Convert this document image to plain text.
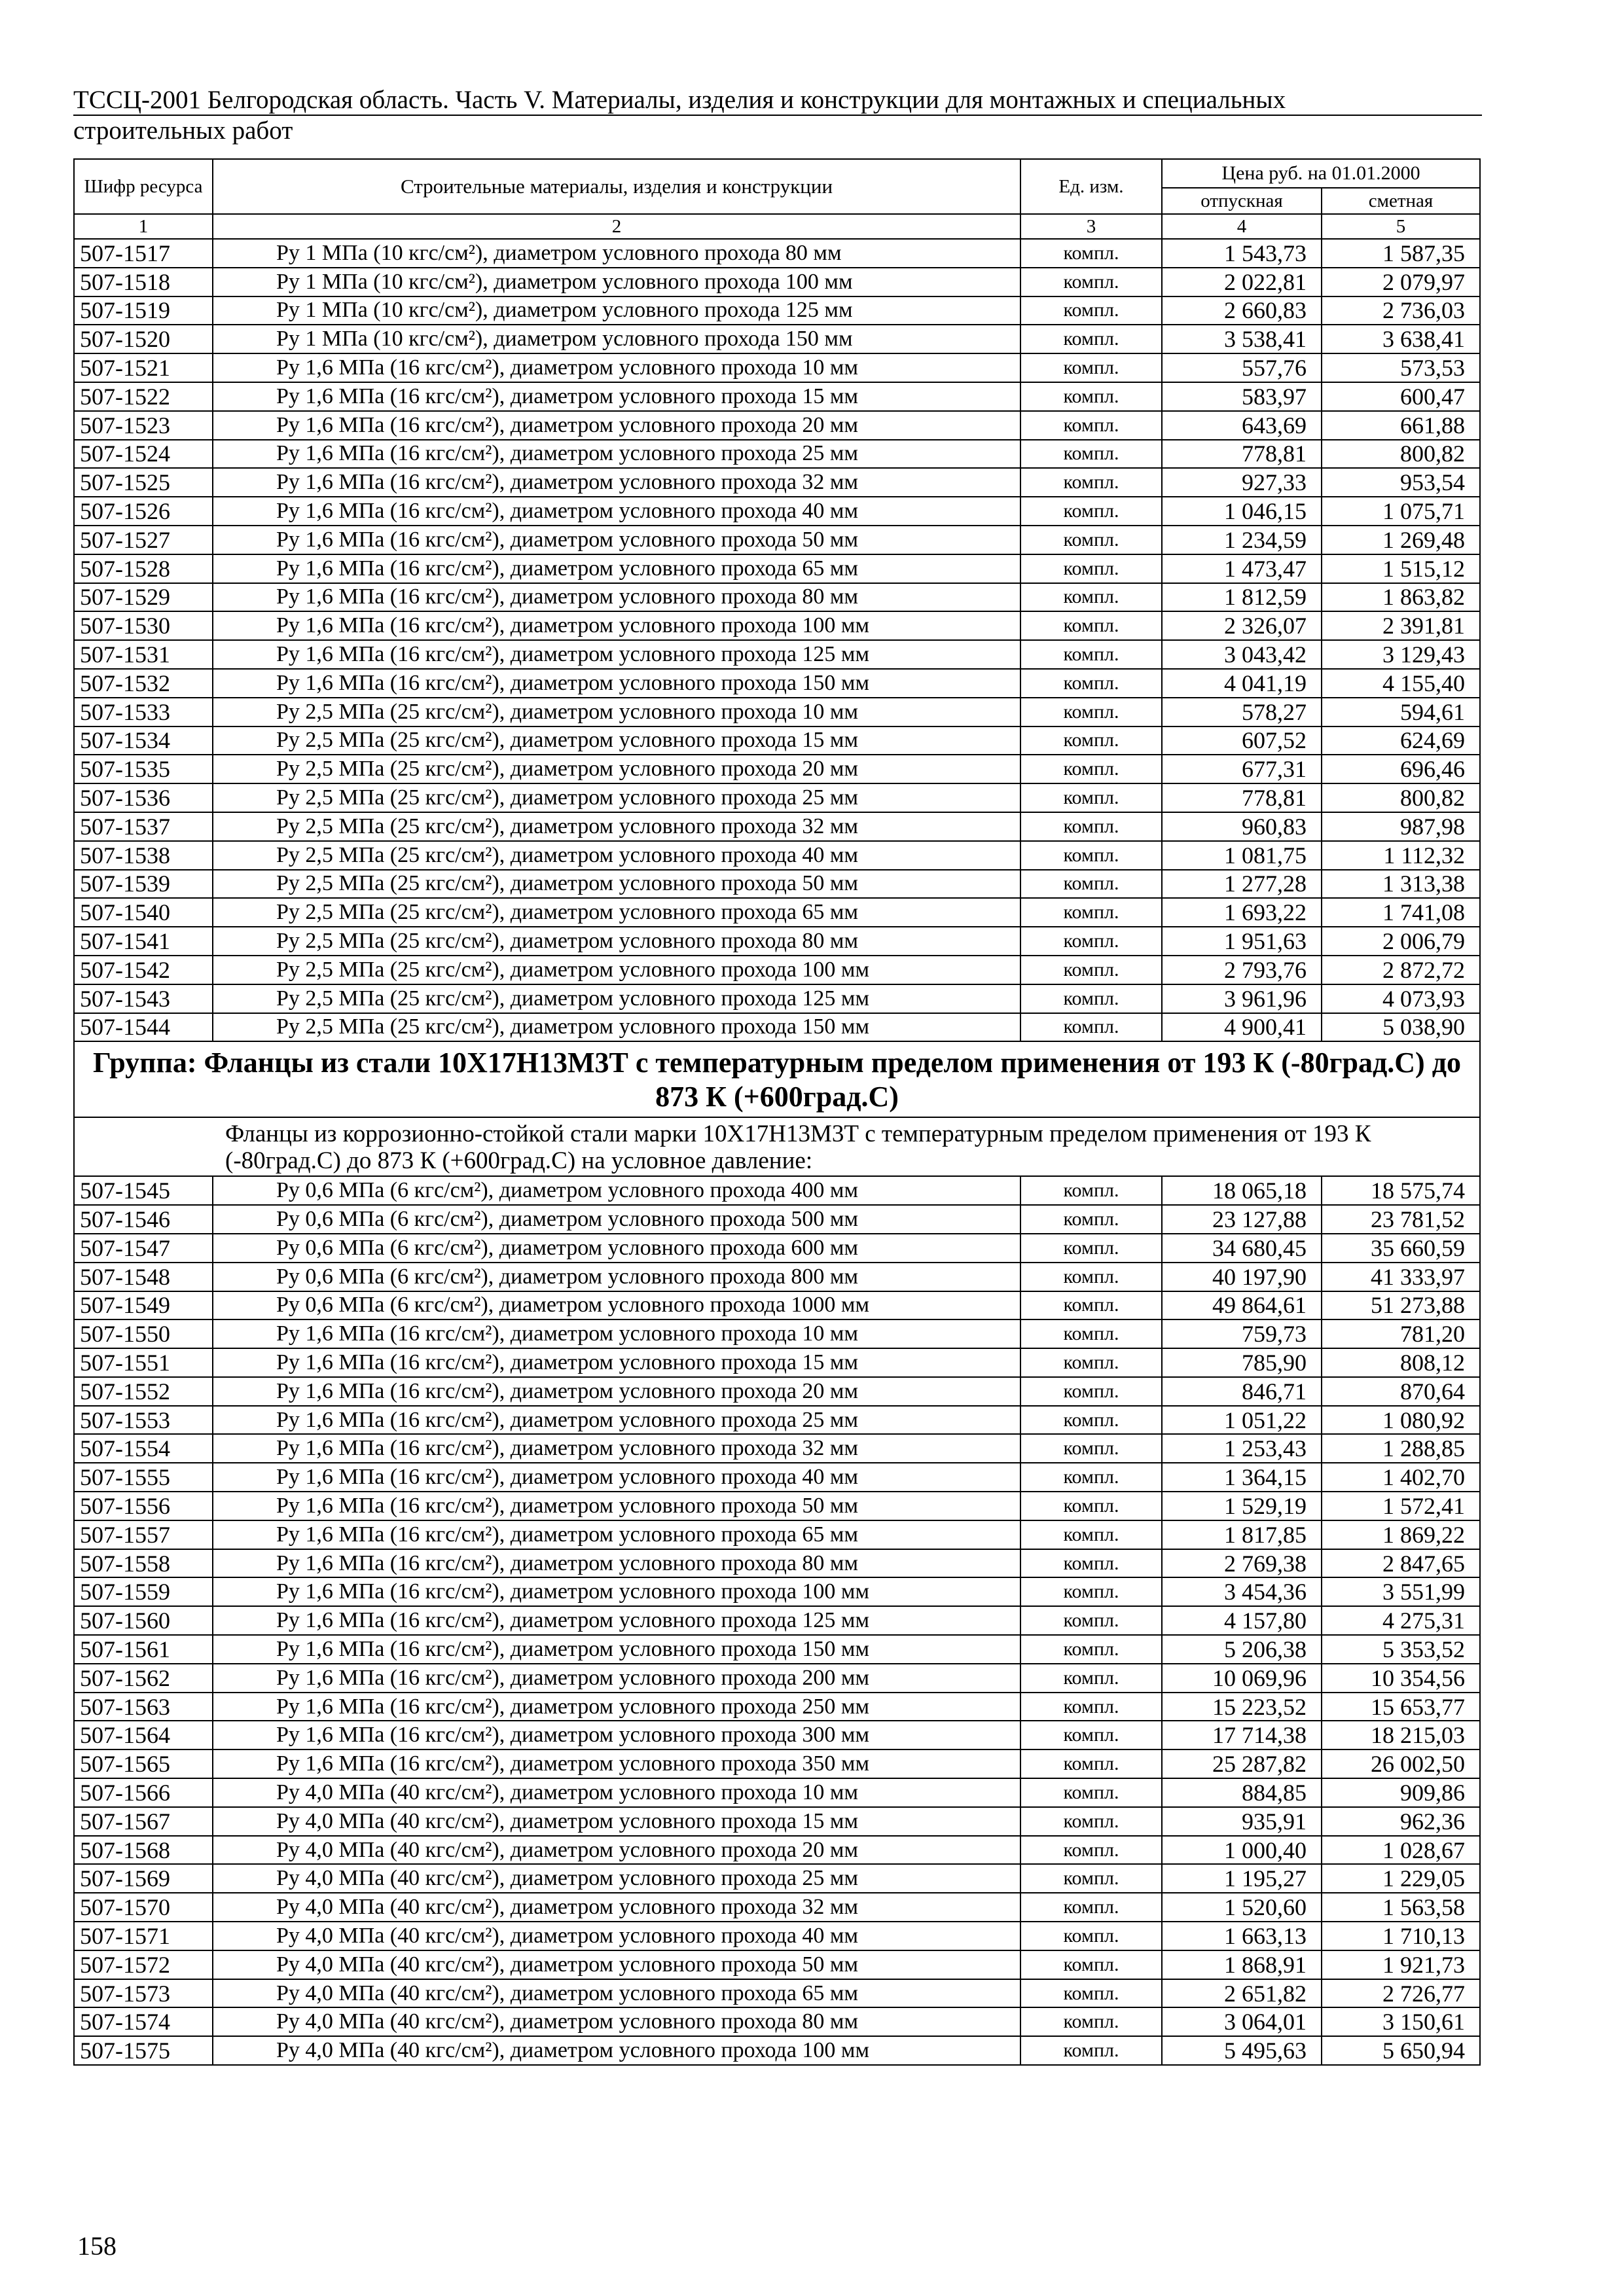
ТССЦ-2001 Белгородская область. Часть V. Материалы, изделия и конструкции для монтажных и специальных
строительных работ
Шифр ресурса	Строительные материалы, изделия и конструкции	Ед. изм.	Цена руб. на 01.01.2000	
			отпускная	сметная
1	2	3	4	5
507-1517	Ру 1 МПа (10 кгс/см²), диаметром условного прохода 80 мм	компл.	1 543,73	1 587,35
507-1518	Ру 1 МПа (10 кгс/см²), диаметром условного прохода 100 мм	компл.	2 022,81	2 079,97
507-1519	Ру 1 МПа (10 кгс/см²), диаметром условного прохода 125 мм	компл.	2 660,83	2 736,03
507-1520	Ру 1 МПа (10 кгс/см²), диаметром условного прохода 150 мм	компл.	3 538,41	3 638,41
507-1521	Ру 1,6 МПа (16 кгс/см²), диаметром условного прохода 10 мм	компл.	557,76	573,53
507-1522	Ру 1,6 МПа (16 кгс/см²), диаметром условного прохода 15 мм	компл.	583,97	600,47
507-1523	Ру 1,6 МПа (16 кгс/см²), диаметром условного прохода 20 мм	компл.	643,69	661,88
507-1524	Ру 1,6 МПа (16 кгс/см²), диаметром условного прохода 25 мм	компл.	778,81	800,82
507-1525	Ру 1,6 МПа (16 кгс/см²), диаметром условного прохода 32 мм	компл.	927,33	953,54
507-1526	Ру 1,6 МПа (16 кгс/см²), диаметром условного прохода 40 мм	компл.	1 046,15	1 075,71
507-1527	Ру 1,6 МПа (16 кгс/см²), диаметром условного прохода 50 мм	компл.	1 234,59	1 269,48
507-1528	Ру 1,6 МПа (16 кгс/см²), диаметром условного прохода 65 мм	компл.	1 473,47	1 515,12
507-1529	Ру 1,6 МПа (16 кгс/см²), диаметром условного прохода 80 мм	компл.	1 812,59	1 863,82
507-1530	Ру 1,6 МПа (16 кгс/см²), диаметром условного прохода 100 мм	компл.	2 326,07	2 391,81
507-1531	Ру 1,6 МПа (16 кгс/см²), диаметром условного прохода 125 мм	компл.	3 043,42	3 129,43
507-1532	Ру 1,6 МПа (16 кгс/см²), диаметром условного прохода 150 мм	компл.	4 041,19	4 155,40
507-1533	Ру 2,5 МПа (25 кгс/см²), диаметром условного прохода 10 мм	компл.	578,27	594,61
507-1534	Ру 2,5 МПа (25 кгс/см²), диаметром условного прохода 15 мм	компл.	607,52	624,69
507-1535	Ру 2,5 МПа (25 кгс/см²), диаметром условного прохода 20 мм	компл.	677,31	696,46
507-1536	Ру 2,5 МПа (25 кгс/см²), диаметром условного прохода 25 мм	компл.	778,81	800,82
507-1537	Ру 2,5 МПа (25 кгс/см²), диаметром условного прохода 32 мм	компл.	960,83	987,98
507-1538	Ру 2,5 МПа (25 кгс/см²), диаметром условного прохода 40 мм	компл.	1 081,75	1 112,32
507-1539	Ру 2,5 МПа (25 кгс/см²), диаметром условного прохода 50 мм	компл.	1 277,28	1 313,38
507-1540	Ру 2,5 МПа (25 кгс/см²), диаметром условного прохода 65 мм	компл.	1 693,22	1 741,08
507-1541	Ру 2,5 МПа (25 кгс/см²), диаметром условного прохода 80 мм	компл.	1 951,63	2 006,79
507-1542	Ру 2,5 МПа (25 кгс/см²), диаметром условного прохода 100 мм	компл.	2 793,76	2 872,72
507-1543	Ру 2,5 МПа (25 кгс/см²), диаметром условного прохода 125 мм	компл.	3 961,96	4 073,93
507-1544	Ру 2,5 МПа (25 кгс/см²), диаметром условного прохода 150 мм	компл.	4 900,41	5 038,90
Группа: Фланцы из стали 10Х17Н13М3Т с температурным пределом применения от 193 К (-80град.С) до 873 К (+600град.С)				
Фланцы из коррозионно-стойкой стали марки 10Х17Н13М3Т с температурным пределом применения от 193 К (-80град.С) до 873 К (+600град.С) на условное давление:				
507-1545	Ру 0,6 МПа (6 кгс/см²), диаметром условного прохода 400 мм	компл.	18 065,18	18 575,74
507-1546	Ру 0,6 МПа (6 кгс/см²), диаметром условного прохода 500 мм	компл.	23 127,88	23 781,52
507-1547	Ру 0,6 МПа (6 кгс/см²), диаметром условного прохода 600 мм	компл.	34 680,45	35 660,59
507-1548	Ру 0,6 МПа (6 кгс/см²), диаметром условного прохода 800 мм	компл.	40 197,90	41 333,97
507-1549	Ру 0,6 МПа (6 кгс/см²), диаметром условного прохода 1000 мм	компл.	49 864,61	51 273,88
507-1550	Ру 1,6 МПа (16 кгс/см²), диаметром условного прохода 10 мм	компл.	759,73	781,20
507-1551	Ру 1,6 МПа (16 кгс/см²), диаметром условного прохода 15 мм	компл.	785,90	808,12
507-1552	Ру 1,6 МПа (16 кгс/см²), диаметром условного прохода 20 мм	компл.	846,71	870,64
507-1553	Ру 1,6 МПа (16 кгс/см²), диаметром условного прохода 25 мм	компл.	1 051,22	1 080,92
507-1554	Ру 1,6 МПа (16 кгс/см²), диаметром условного прохода 32 мм	компл.	1 253,43	1 288,85
507-1555	Ру 1,6 МПа (16 кгс/см²), диаметром условного прохода 40 мм	компл.	1 364,15	1 402,70
507-1556	Ру 1,6 МПа (16 кгс/см²), диаметром условного прохода 50 мм	компл.	1 529,19	1 572,41
507-1557	Ру 1,6 МПа (16 кгс/см²), диаметром условного прохода 65 мм	компл.	1 817,85	1 869,22
507-1558	Ру 1,6 МПа (16 кгс/см²), диаметром условного прохода 80 мм	компл.	2 769,38	2 847,65
507-1559	Ру 1,6 МПа (16 кгс/см²), диаметром условного прохода 100 мм	компл.	3 454,36	3 551,99
507-1560	Ру 1,6 МПа (16 кгс/см²), диаметром условного прохода 125 мм	компл.	4 157,80	4 275,31
507-1561	Ру 1,6 МПа (16 кгс/см²), диаметром условного прохода 150 мм	компл.	5 206,38	5 353,52
507-1562	Ру 1,6 МПа (16 кгс/см²), диаметром условного прохода 200 мм	компл.	10 069,96	10 354,56
507-1563	Ру 1,6 МПа (16 кгс/см²), диаметром условного прохода 250 мм	компл.	15 223,52	15 653,77
507-1564	Ру 1,6 МПа (16 кгс/см²), диаметром условного прохода 300 мм	компл.	17 714,38	18 215,03
507-1565	Ру 1,6 МПа (16 кгс/см²), диаметром условного прохода 350 мм	компл.	25 287,82	26 002,50
507-1566	Ру 4,0 МПа (40 кгс/см²), диаметром условного прохода 10 мм	компл.	884,85	909,86
507-1567	Ру 4,0 МПа (40 кгс/см²), диаметром условного прохода 15 мм	компл.	935,91	962,36
507-1568	Ру 4,0 МПа (40 кгс/см²), диаметром условного прохода 20 мм	компл.	1 000,40	1 028,67
507-1569	Ру 4,0 МПа (40 кгс/см²), диаметром условного прохода 25 мм	компл.	1 195,27	1 229,05
507-1570	Ру 4,0 МПа (40 кгс/см²), диаметром условного прохода 32 мм	компл.	1 520,60	1 563,58
507-1571	Ру 4,0 МПа (40 кгс/см²), диаметром условного прохода 40 мм	компл.	1 663,13	1 710,13
507-1572	Ру 4,0 МПа (40 кгс/см²), диаметром условного прохода 50 мм	компл.	1 868,91	1 921,73
507-1573	Ру 4,0 МПа (40 кгс/см²), диаметром условного прохода 65 мм	компл.	2 651,82	2 726,77
507-1574	Ру 4,0 МПа (40 кгс/см²), диаметром условного прохода 80 мм	компл.	3 064,01	3 150,61
507-1575	Ру 4,0 МПа (40 кгс/см²), диаметром условного прохода 100 мм	компл.	5 495,63	5 650,94
158
